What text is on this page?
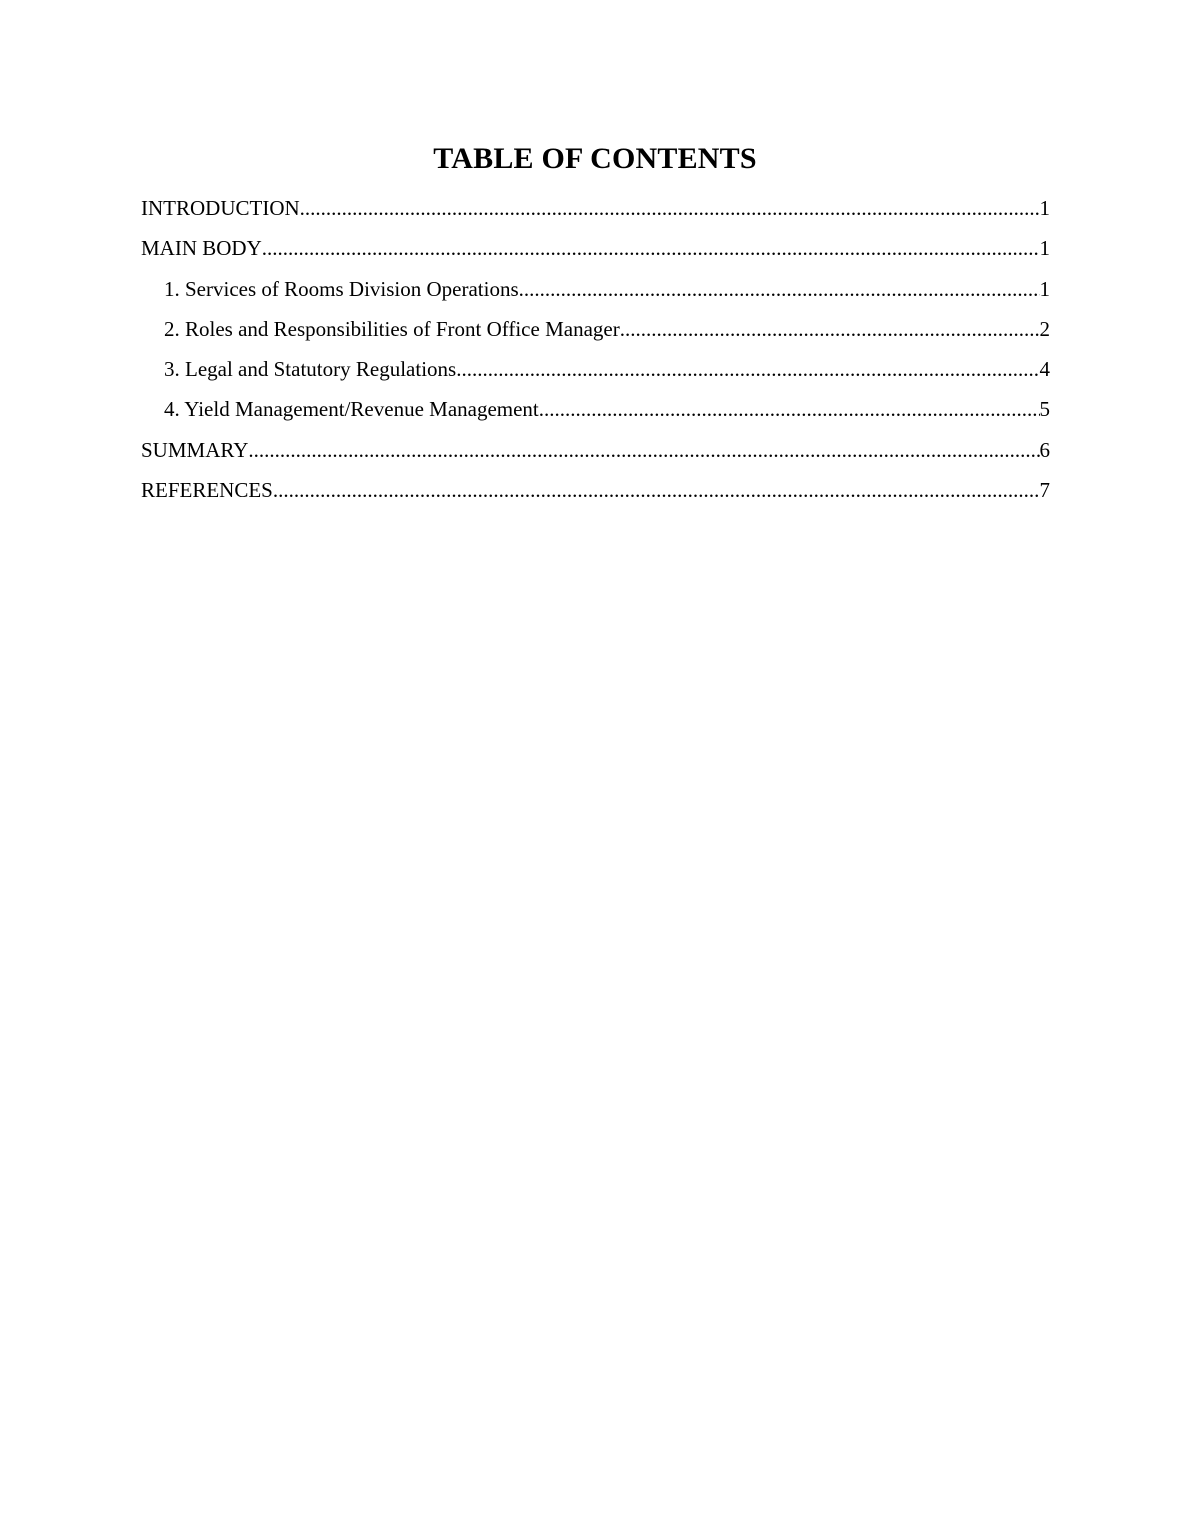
TABLE OF CONTENTS
INTRODUCTION .....	1
MAIN BODY .....	1
1. Services of Rooms Division Operations .....	1
2. Roles and Responsibilities of Front Office Manager .....	2
3. Legal and Statutory Regulations .....	4
4. Yield Management/Revenue Management .....	5
SUMMARY .....	6
REFERENCES .....	7
